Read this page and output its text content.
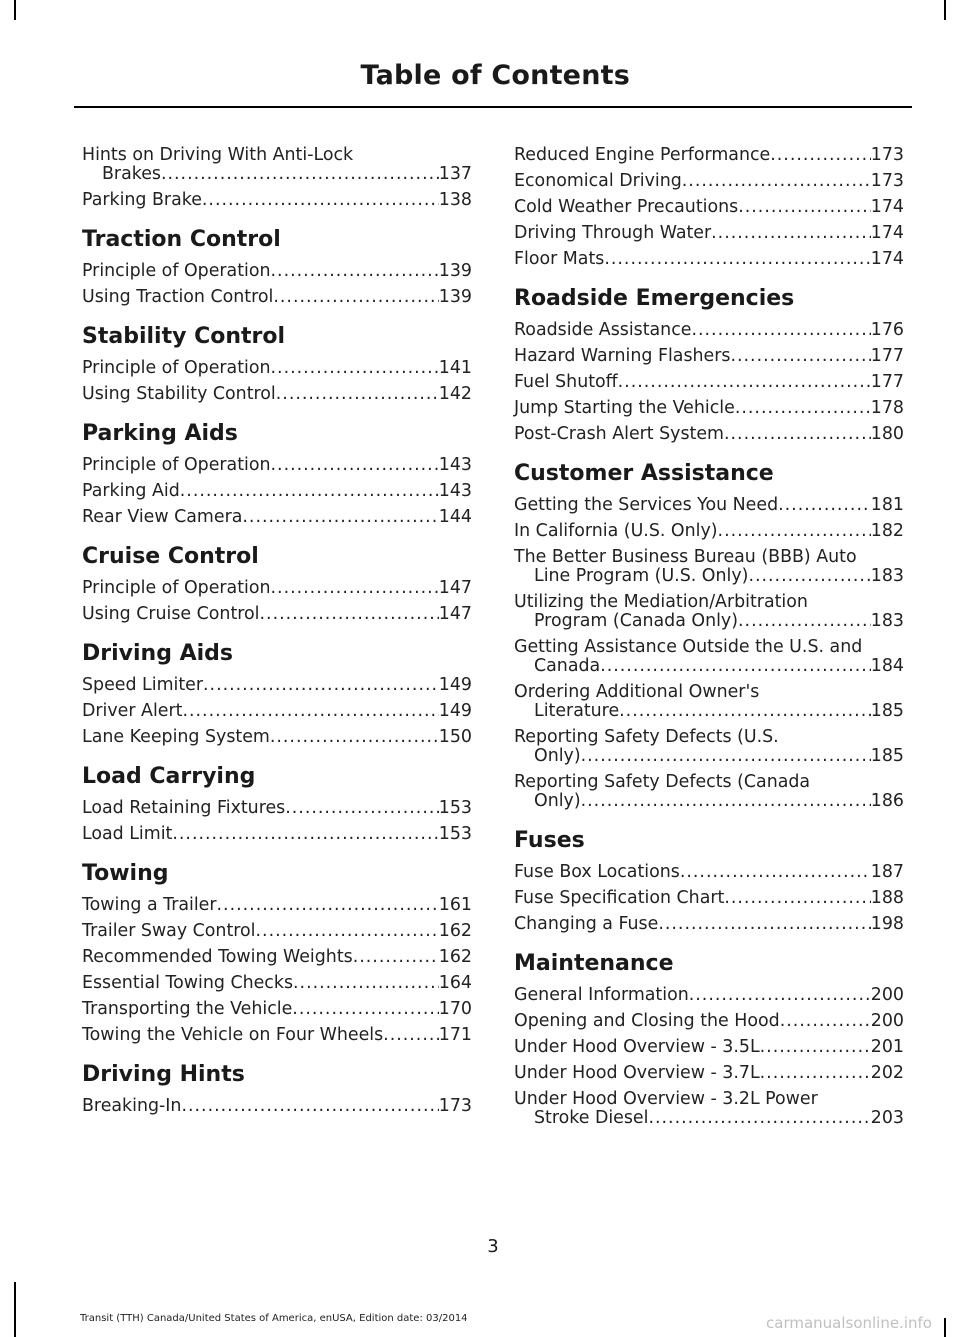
Table of Contents
Hints on Driving With Anti-Lock
Brakes .....	137
Parking Brake .....	138
Traction Control
Principle of Operation .....	139
Using Traction Control .....	139
Stability Control
Principle of Operation .....	141
Using Stability Control .....	142
Parking Aids
Principle of Operation .....	143
Parking Aid .....	143
Rear View Camera .....	144
Cruise Control
Principle of Operation .....	147
Using Cruise Control .....	147
Driving Aids
Speed Limiter .....	149
Driver Alert .....	149
Lane Keeping System .....	150
Load Carrying
Load Retaining Fixtures .....	153
Load Limit .....	153
Towing
Towing a Trailer .....	161
Trailer Sway Control .....	162
Recommended Towing Weights .....	162
Essential Towing Checks .....	164
Transporting the Vehicle .....	170
Towing the Vehicle on Four Wheels .....	171
Driving Hints
Breaking-In .....	173
Reduced Engine Performance .....	173
Economical Driving .....	173
Cold Weather Precautions .....	174
Driving Through Water .....	174
Floor Mats .....	174
Roadside Emergencies
Roadside Assistance .....	176
Hazard Warning Flashers .....	177
Fuel Shutoff .....	177
Jump Starting the Vehicle .....	178
Post-Crash Alert System .....	180
Customer Assistance
Getting the Services You Need .....	181
In California (U.S. Only) .....	182
The Better Business Bureau (BBB) Auto
Line Program (U.S. Only) .....	183
Utilizing the Mediation/Arbitration
Program (Canada Only) .....	183
Getting Assistance Outside the U.S. and
Canada .....	184
Ordering Additional Owner's
Literature .....	185
Reporting Safety Defects (U.S.
Only) .....	185
Reporting Safety Defects (Canada
Only) .....	186
Fuses
Fuse Box Locations .....	187
Fuse Specification Chart .....	188
Changing a Fuse .....	198
Maintenance
General Information .....	200
Opening and Closing the Hood .....	200
Under Hood Overview - 3.5L .....	201
Under Hood Overview - 3.7L .....	202
Under Hood Overview - 3.2L Power
Stroke Diesel .....	203
3
Transit (TTH) Canada/United States of America, enUSA, Edition date: 03/2014	carmanualsonline.info
